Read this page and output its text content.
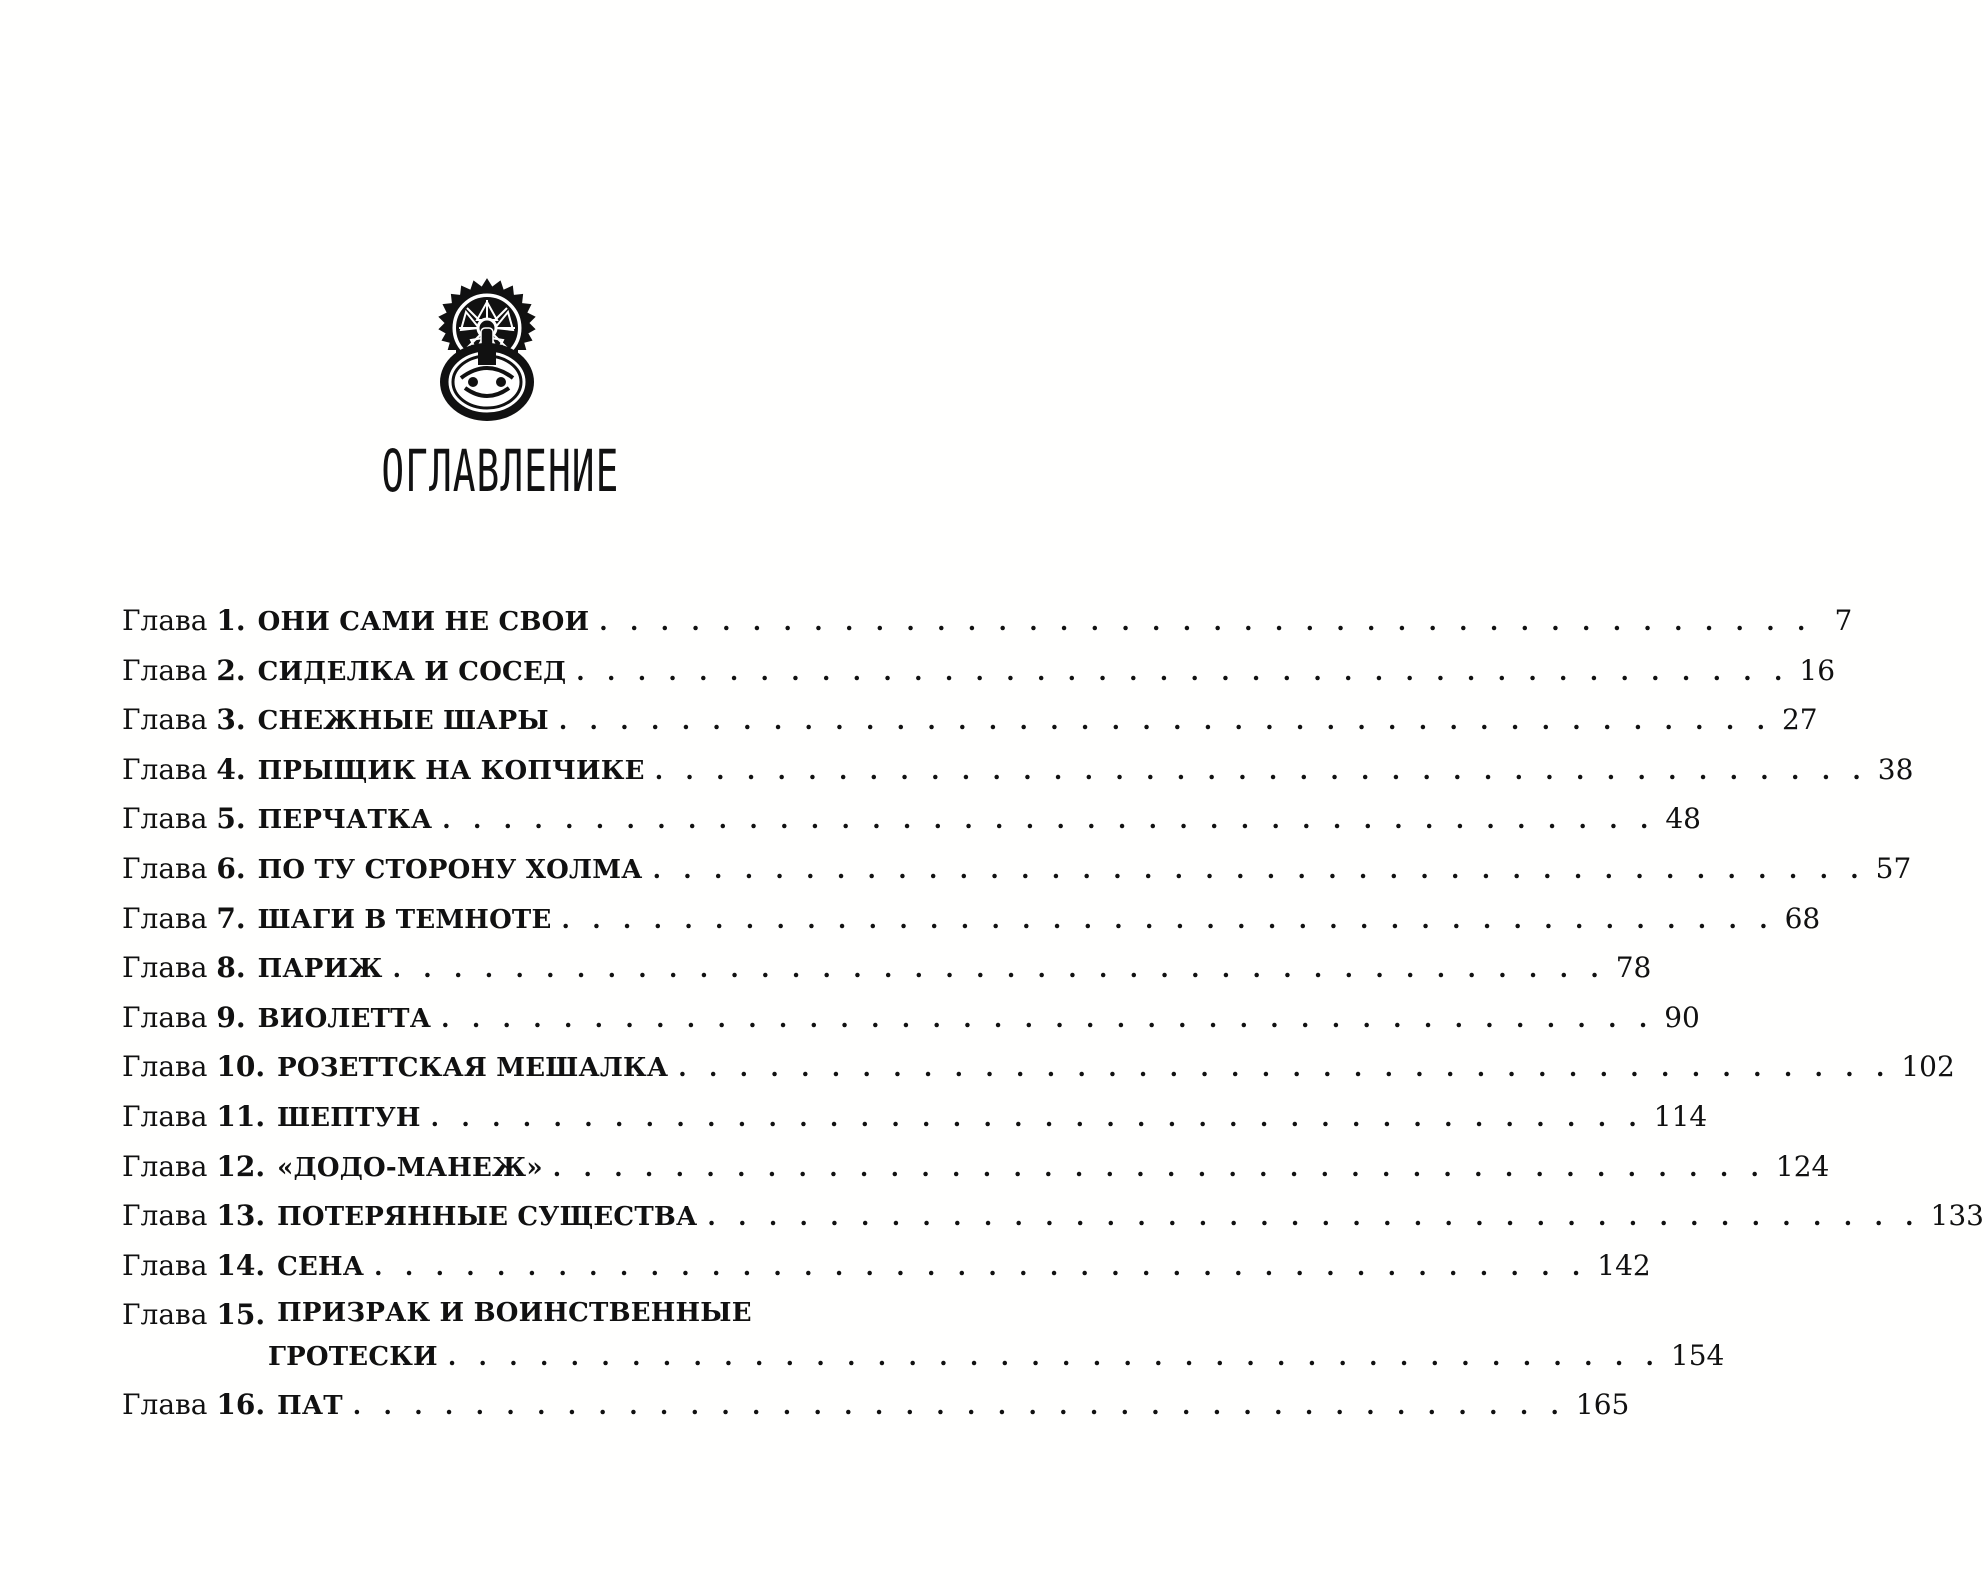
ОГЛАВЛЕНИЕ
Глава 1. ОНИ САМИ НЕ СВОИ . . . . . . . . . . . . . . . . . . . . . . . . . . . . . . . . . . . . . . . . 7
Глава 2. СИДЕЛКА И СОСЕД . . . . . . . . . . . . . . . . . . . . . . . . . . . . . . . . . . . . . . . . 16
Глава 3. СНЕЖНЫЕ ШАРЫ . . . . . . . . . . . . . . . . . . . . . . . . . . . . . . . . . . . . . . . . 27
Глава 4. ПРЫЩИК НА КОПЧИКЕ . . . . . . . . . . . . . . . . . . . . . . . . . . . . . . . . . . . . . . . . 38
Глава 5. ПЕРЧАТКА . . . . . . . . . . . . . . . . . . . . . . . . . . . . . . . . . . . . . . . . 48
Глава 6. ПО ТУ СТОРОНУ ХОЛМА . . . . . . . . . . . . . . . . . . . . . . . . . . . . . . . . . . . . . . . . 57
Глава 7. ШАГИ В ТЕМНОТЕ . . . . . . . . . . . . . . . . . . . . . . . . . . . . . . . . . . . . . . . . 68
Глава 8. ПАРИЖ . . . . . . . . . . . . . . . . . . . . . . . . . . . . . . . . . . . . . . . . 78
Глава 9. ВИОЛЕТТА . . . . . . . . . . . . . . . . . . . . . . . . . . . . . . . . . . . . . . . . 90
Глава 10. РОЗЕТТСКАЯ МЕШАЛКА . . . . . . . . . . . . . . . . . . . . . . . . . . . . . . . . . . . . . . . . 102
Глава 11. ШЕПТУН . . . . . . . . . . . . . . . . . . . . . . . . . . . . . . . . . . . . . . . . 114
Глава 12. «ДОДО-МАНЕЖ» . . . . . . . . . . . . . . . . . . . . . . . . . . . . . . . . . . . . . . . . 124
Глава 13. ПОТЕРЯННЫЕ СУЩЕСТВА . . . . . . . . . . . . . . . . . . . . . . . . . . . . . . . . . . . . . . . . 133
Глава 14. СЕНА . . . . . . . . . . . . . . . . . . . . . . . . . . . . . . . . . . . . . . . . 142
Глава 15. ПРИЗРАК И ВОИНСТВЕННЫЕ
ГРОТЕСКИ . . . . . . . . . . . . . . . . . . . . . . . . . . . . . . . . . . . . . . . . 154
Глава 16. ПАТ . . . . . . . . . . . . . . . . . . . . . . . . . . . . . . . . . . . . . . . . 165
